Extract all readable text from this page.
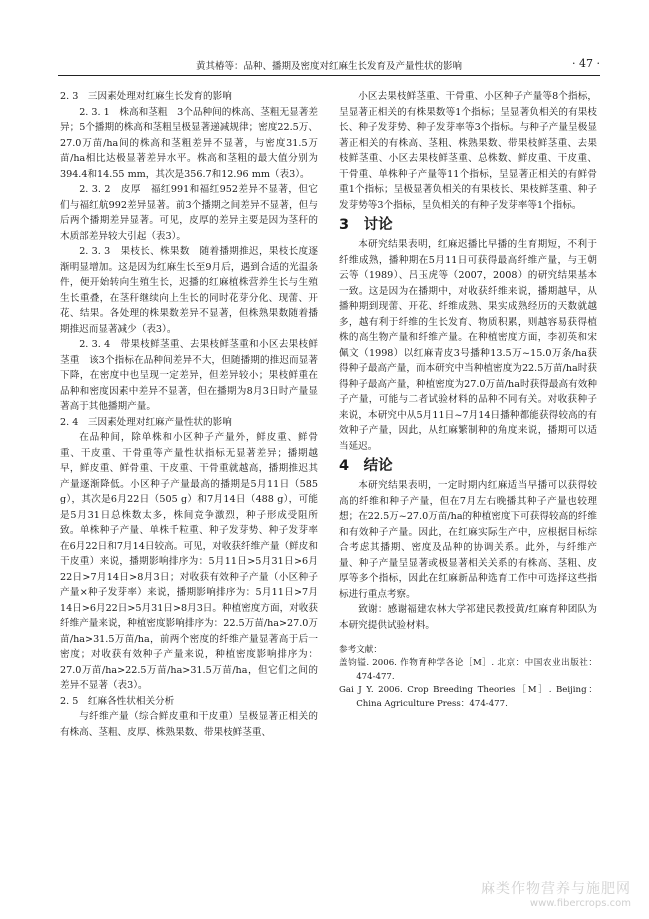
黄其椿等：品种、播期及密度对红麻生长发育及产量性状的影响	· 47 ·

2. 3　三因素处理对红麻生长发育的影响

2. 3. 1　株高和茎粗　3个品种间的株高、茎粗无显著差异；5个播期的株高和茎粗呈极显著递减规律；密度22.5万、27.0万苗/ha间的株高和茎粗差异不显著，与密度31.5万苗/ha相比达极显著差异水平。株高和茎粗的最大值分别为394.4和14.55 mm，其次是356.7和12.96 mm（表3）。

2. 3. 2　皮厚　福红991和福红952差异不显著，但它们与福红航992差异显著。前3个播期之间差异不显著，但与后两个播期差异显著。可见，皮厚的差异主要是因为茎秆的木质部差异较大引起（表3）。

2. 3. 3　果枝长、株果数　随着播期推迟，果枝长度逐渐明显增加。这是因为红麻生长至9月后，遇到合适的光温条件，便开始转向生殖生长，迟播的红麻植株营养生长与生殖生长重叠，在茎秆继续向上生长的同时花芽分化、现蕾、开花、结果。各处理的株果数差异不显著，但株熟果数随着播期推迟而显著减少（表3）。

2. 3. 4　带果枝鲜茎重、去果枝鲜茎重和小区去果枝鲜茎重　该3个指标在品种间差异不大，但随播期的推迟而显著下降，在密度中也呈现一定差异，但差异较小；果枝鲜重在品种和密度因素中差异不显著，但在播期为8月3日时产量显著高于其他播期产量。

2. 4　三因素处理对红麻产量性状的影响

在品种间，除单株和小区种子产量外，鲜皮重、鲜骨重、干皮重、干骨重等产量性状指标无显著差异；播期越早，鲜皮重、鲜骨重、干皮重、干骨重就越高，播期推迟其产量逐渐降低。小区种子产量最高的播期是5月11日（585 g），其次是6月22日（505 g）和7月14日（488 g），可能是5月31日总株数太多，株间竞争激烈，种子形成受阻所致。单株种子产量、单株千粒重、种子发芽势、种子发芽率在6月22日和7月14日较高。可见，对收获纤维产量（鲜皮和干皮重）来说，播期影响排序为：5月11日>5月31日>6月22日>7月14日>8月3日；对收获有效种子产量（小区种子产量×种子发芽率）来说，播期影响排序为：5月11日>7月14日>6月22日>5月31日>8月3日。种植密度方面，对收获纤维产量来说，种植密度影响排序为：22.5万苗/ha>27.0万苗/ha>31.5万苗/ha，前两个密度的纤维产量显著高于后一密度；对收获有效种子产量来说，种植密度影响排序为：27.0万苗/ha>22.5万苗/ha>31.5万苗/ha，但它们之间的差异不显著（表3）。

2. 5　红麻各性状相关分析

与纤维产量（综合鲜皮重和干皮重）呈极显著正相关的有株高、茎粗、皮厚、株熟果数、带果枝鲜茎重、

小区去果枝鲜茎重、干骨重、小区种子产量等8个指标，呈显著正相关的有株果数等1个指标；呈显著负相关的有果枝长、种子发芽势、种子发芽率等3个指标。与种子产量呈极显著正相关的有株高、茎粗、株熟果数、带果枝鲜茎重、去果枝鲜茎重、小区去果枝鲜茎重、总株数、鲜皮重、干皮重、干骨重、单株种子产量等11个指标，呈显著正相关的有鲜骨重1个指标；呈极显著负相关的有果枝长、果枝鲜茎重、种子发芽势等3个指标，呈负相关的有种子发芽率等1个指标。

3　讨论

本研究结果表明，红麻迟播比早播的生育期短，不利于纤维成熟，播种期在5月11日可获得最高纤维产量，与王朝云等（1989）、吕玉虎等（2007，2008）的研究结果基本一致。这是因为在播期中，对收获纤维来说，播期越早，从播种期到现蕾、开花、纤维成熟、果实成熟经历的天数就越多，越有利于纤维的生长发育、物质积累，则越容易获得植株的高生物产量和纤维产量。在种植密度方面，李初英和宋佩文（1998）以红麻青皮3号播种13.5万~15.0万条/ha获得种子最高产量，而本研究中当种植密度为22.5万苗/ha时获得种子最高产量，种植密度为27.0万苗/ha时获得最高有效种子产量，可能与二者试验材料的品种不同有关。对收获种子来说，本研究中从5月11日~7月14日播种都能获得较高的有效种子产量，因此，从红麻繁制种的角度来说，播期可以适当延迟。

4　结论

本研究结果表明，一定时期内红麻适当早播可以获得较高的纤维和种子产量，但在7月左右晚播其种子产量也较理想；在22.5万~27.0万苗/ha的种植密度下可获得较高的纤维和有效种子产量。因此，在红麻实际生产中，应根据目标综合考虑其播期、密度及品种的协调关系。此外，与纤维产量、种子产量呈显著或极显著相关关系的有株高、茎粗、皮厚等多个指标，因此在红麻新品种选育工作中可选择这些指标进行重点考察。

致谢：感谢福建农林大学祁建民教授黄/红麻育种团队为本研究提供试验材料。

参考文献：

盖钧镒. 2006. 作物育种学各论［M］. 北京：中国农业出版社：474-477.

Gai J Y. 2006. Crop Breeding Theories［M］. Beijing：China Agriculture Press：474-477.

麻类作物营养与施肥网
www.fibercrops.com
